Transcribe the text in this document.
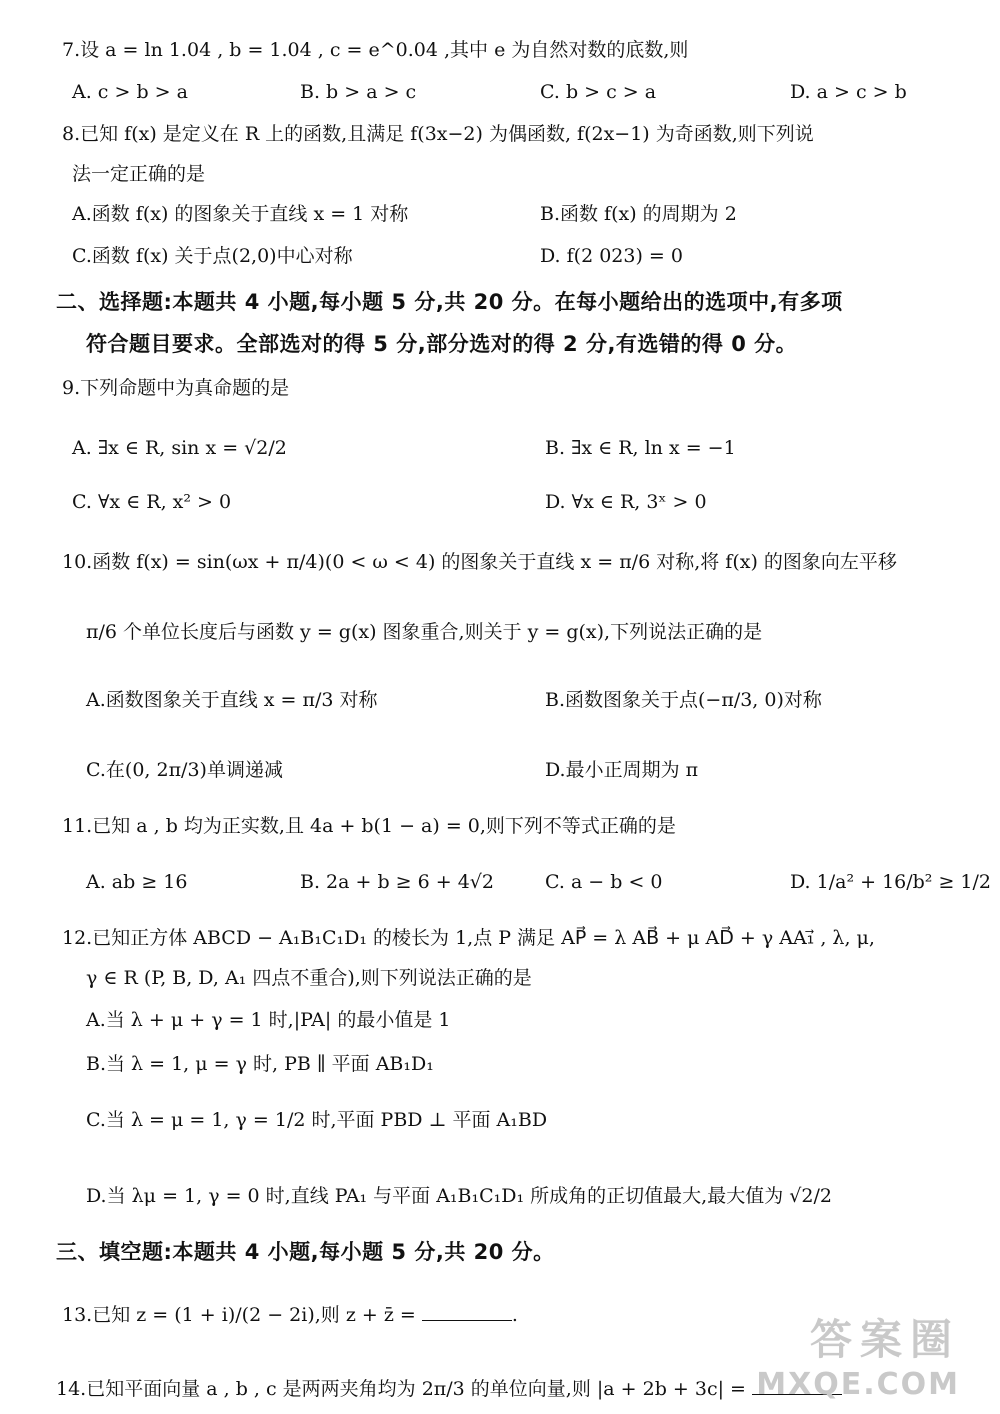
7.设 a = ln 1.04 , b = 1.04 , c = e^0.04 ,其中 e 为自然对数的底数,则
A. c > b > a	B. b > a > c	C. b > c > a	D. a > c > b
8.已知 f(x) 是定义在 R 上的函数,且满足 f(3x−2) 为偶函数, f(2x−1) 为奇函数,则下列说
法一定正确的是
A.函数 f(x) 的图象关于直线 x = 1 对称	B.函数 f(x) 的周期为 2
C.函数 f(x) 关于点(2,0)中心对称	D. f(2 023) = 0
二、选择题:本题共 4 小题,每小题 5 分,共 20 分。在每小题给出的选项中,有多项
符合题目要求。全部选对的得 5 分,部分选对的得 2 分,有选错的得 0 分。
9.下列命题中为真命题的是
A. ∃x ∈ R, sin x = √2/2	B. ∃x ∈ R, ln x = −1
C. ∀x ∈ R, x² > 0	D. ∀x ∈ R, 3ˣ > 0
10.函数 f(x) = sin(ωx + π/4)(0 < ω < 4) 的图象关于直线 x = π/6 对称,将 f(x) 的图象向左平移
π/6 个单位长度后与函数 y = g(x) 图象重合,则关于 y = g(x),下列说法正确的是
A.函数图象关于直线 x = π/3 对称	B.函数图象关于点(−π/3, 0)对称
C.在(0, 2π/3)单调递减	D.最小正周期为 π
11.已知 a , b 均为正实数,且 4a + b(1 − a) = 0,则下列不等式正确的是
A. ab ≥ 16	B. 2a + b ≥ 6 + 4√2	C. a − b < 0	D. 1/a² + 16/b² ≥ 1/2
12.已知正方体 ABCD − A₁B₁C₁D₁ 的棱长为 1,点 P 满足 AP⃗ = λ AB⃗ + μ AD⃗ + γ AA₁⃗ , λ, μ,
γ ∈ R (P, B, D, A₁ 四点不重合),则下列说法正确的是
A.当 λ + μ + γ = 1 时,|PA| 的最小值是 1
B.当 λ = 1, μ = γ 时, PB ∥ 平面 AB₁D₁
C.当 λ = μ = 1, γ = 1/2 时,平面 PBD ⊥ 平面 A₁BD
D.当 λμ = 1, γ = 0 时,直线 PA₁ 与平面 A₁B₁C₁D₁ 所成角的正切值最大,最大值为 √2/2
三、填空题:本题共 4 小题,每小题 5 分,共 20 分。
13.已知 z = (1 + i)/(2 − 2i),则 z + z̄ =	.
14.已知平面向量 a , b , c 是两两夹角均为 2π/3 的单位向量,则 |a + 2b + 3c| =
答案圈
MXQE.COM
